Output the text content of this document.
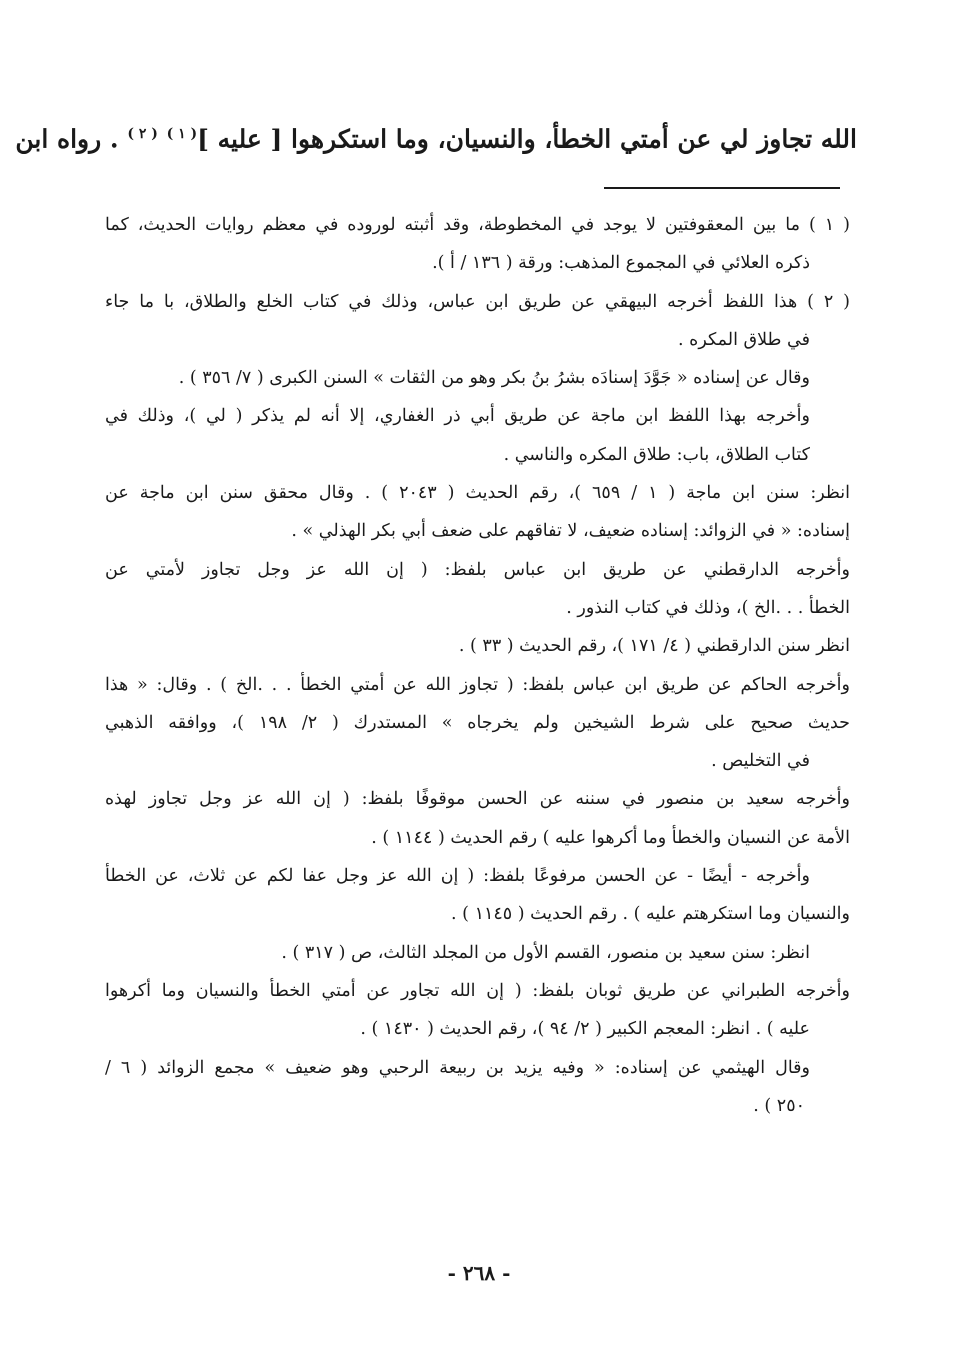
الله تجاوز لي عن أمتي الخطأ، والنسيان، وما استكرهوا [ عليه ]$^{( ١ )}$ $^{( ٢ )}$ . رواه ابن
( ١ ) ما بين المعقوفتين لا يوجد في المخطوطة، وقد أثبته لوروده في معظم روايات الحديث، كما
ذكره العلائي في المجموع المذهب: ورقة ( ١٣٦ / أ ).
( ٢ ) هذا اللفظ أخرجه البيهقي عن طريق ابن عباس، وذلك في كتاب الخلع والطلاق، با ما جاء
في طلاق المكره .
وقال عن إسناده « جَوَّدَ إسنادَه بشرُ بنُ بكر وهو من الثقات » السنن الكبرى ( ٧/ ٣٥٦ ) .
وأخرجه بهذا اللفظ ابن ماجة عن طريق أبي ذر الغفاري، إلا أنه لم يذكر ( لي )، وذلك في
كتاب الطلاق، باب: طلاق المكره والناسي .
انظر: سنن ابن ماجة ( ١ / ٦٥٩ )، رقم الحديث ( ٢٠٤٣ ) . وقال محقق سنن ابن ماجة عن
إسناده: « في الزوائد: إسناده ضعيف، لا تفاقهم على ضعف أبي بكر الهذلي » .
وأخرجه الدارقطني عن طريق ابن عباس بلفظ: ( إن الله عز وجل تجاوز لأمتي عن
الخطأ . . .الخ )، وذلك في كتاب النذور .
انظر سنن الدارقطني ( ٤/ ١٧١ )، رقم الحديث ( ٣٣ ) .
وأخرجه الحاكم عن طريق ابن عباس بلفظ: ( تجاوز الله عن أمتي الخطأ . . .الخ ) . وقال: « هذا
حديث صحيح على شرط الشيخين ولم يخرجاه » المستدرك ( ٢/ ١٩٨ )، ووافقه الذهبي
في التخليص .
وأخرجه سعيد بن منصور في سننه عن الحسن موقوفًا بلفظ: ( إن الله عز وجل تجاوز لهذه
الأمة عن النسيان والخطأ وما أكرهوا عليه ) رقم الحديث ( ١١٤٤ ) .
وأخرجه - أيضًا - عن الحسن مرفوعًا بلفظ: ( إن الله عز وجل عفا لكم عن ثلاث، عن الخطأ
والنسيان وما استكرهتم عليه ) . رقم الحديث ( ١١٤٥ ) .
انظر: سنن سعيد بن منصور، القسم الأول من المجلد الثالث، ص ( ٣١٧ ) .
وأخرجه الطبراني عن طريق ثوبان بلفظ: ( إن الله تجاور عن أمتي الخطأ والنسيان وما أكرهوا
عليه ) . انظر: المعجم الكبير ( ٢/ ٩٤ )، رقم الحديث ( ١٤٣٠ ) .
وقال الهيثمي عن إسناده: « وفيه يزيد بن ربيعة الرحبي وهو ضعيف » مجمع الزوائد ( ٦ /
٢٥٠ ) .
- ٢٦٨ -
